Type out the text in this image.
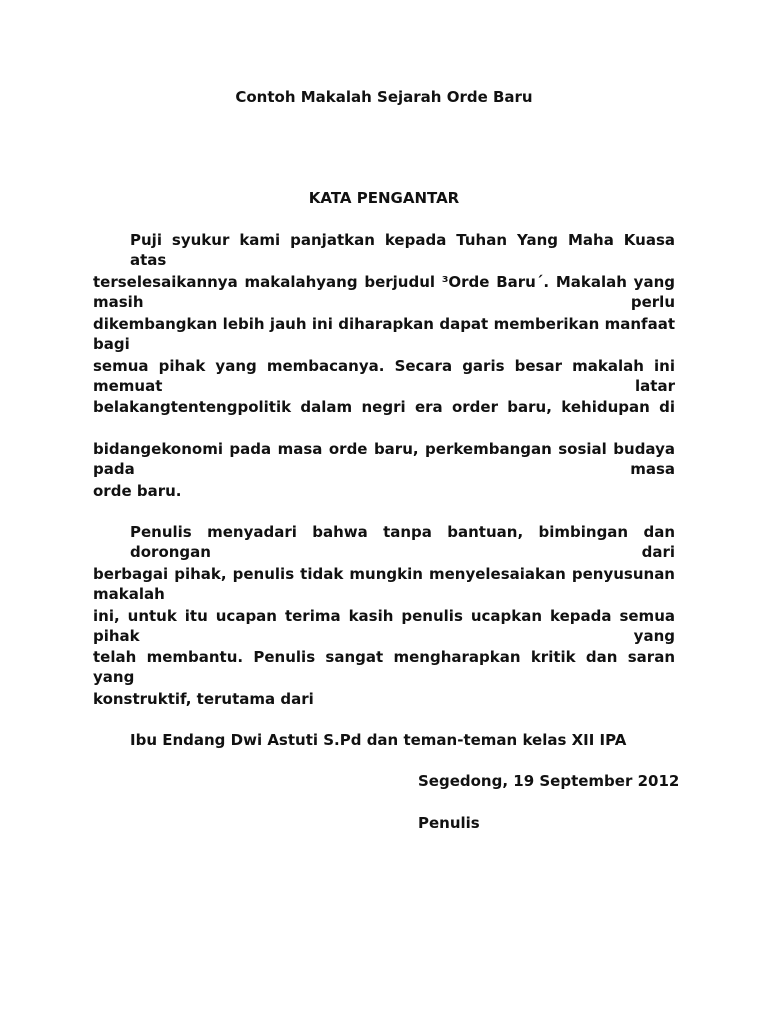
Contoh Makalah Sejarah Orde Baru
KATA PENGANTAR
Puji syukur kami panjatkan kepada Tuhan Yang Maha Kuasa atas
terselesaikannya makalahyang berjudul ³Orde Baru´. Makalah yang masih perlu
dikembangkan lebih jauh ini diharapkan dapat memberikan manfaat bagi
semua pihak yang membacanya. Secara garis besar makalah ini memuat latar
belakangtentengpolitik dalam negri era order baru, kehidupan di
bidangekonomi pada masa orde baru, perkembangan sosial budaya pada masa
orde baru.
Penulis menyadari bahwa tanpa bantuan, bimbingan dan dorongan dari
berbagai pihak, penulis tidak mungkin menyelesaiakan penyusunan makalah
ini, untuk itu ucapan terima kasih penulis ucapkan kepada semua pihak yang
telah membantu. Penulis sangat mengharapkan kritik dan saran yang
konstruktif, terutama dari
Ibu Endang Dwi Astuti S.Pd dan teman-teman kelas XII IPA
Segedong, 19 September 2012
Penulis
